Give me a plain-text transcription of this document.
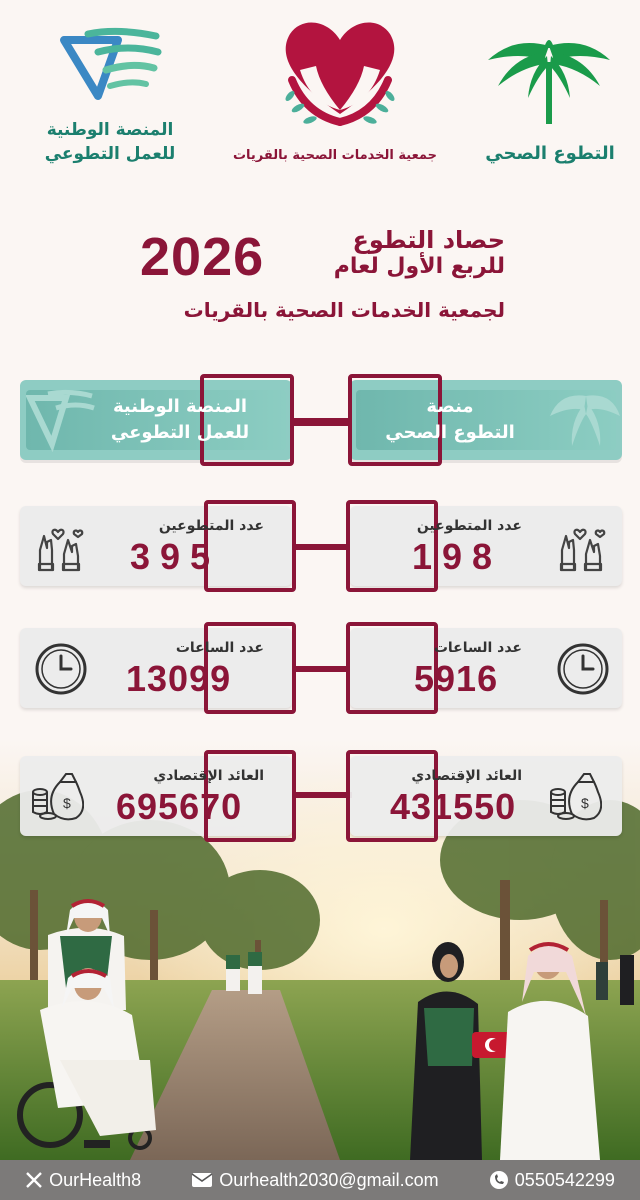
المنصة الوطنية
للعمل التطوعي	جمعية الخدمات الصحية بالقريات	التطوع الصحي
حصاد التطوع
للربع الأول لعام
2026
لجمعية الخدمات الصحية بالقريات
المنصة الوطنية
للعمل التطوعي
منصة
التطوع الصحي
عدد المتطوعين
395
عدد المتطوعين
198
عدد الساعات
13099
عدد الساعات
5916
$
العائد الإقتصادي
695670	$
العائد الإقتصادي
431550
OurHealth8	Ourhealth2030@gmail.com	0550542299
